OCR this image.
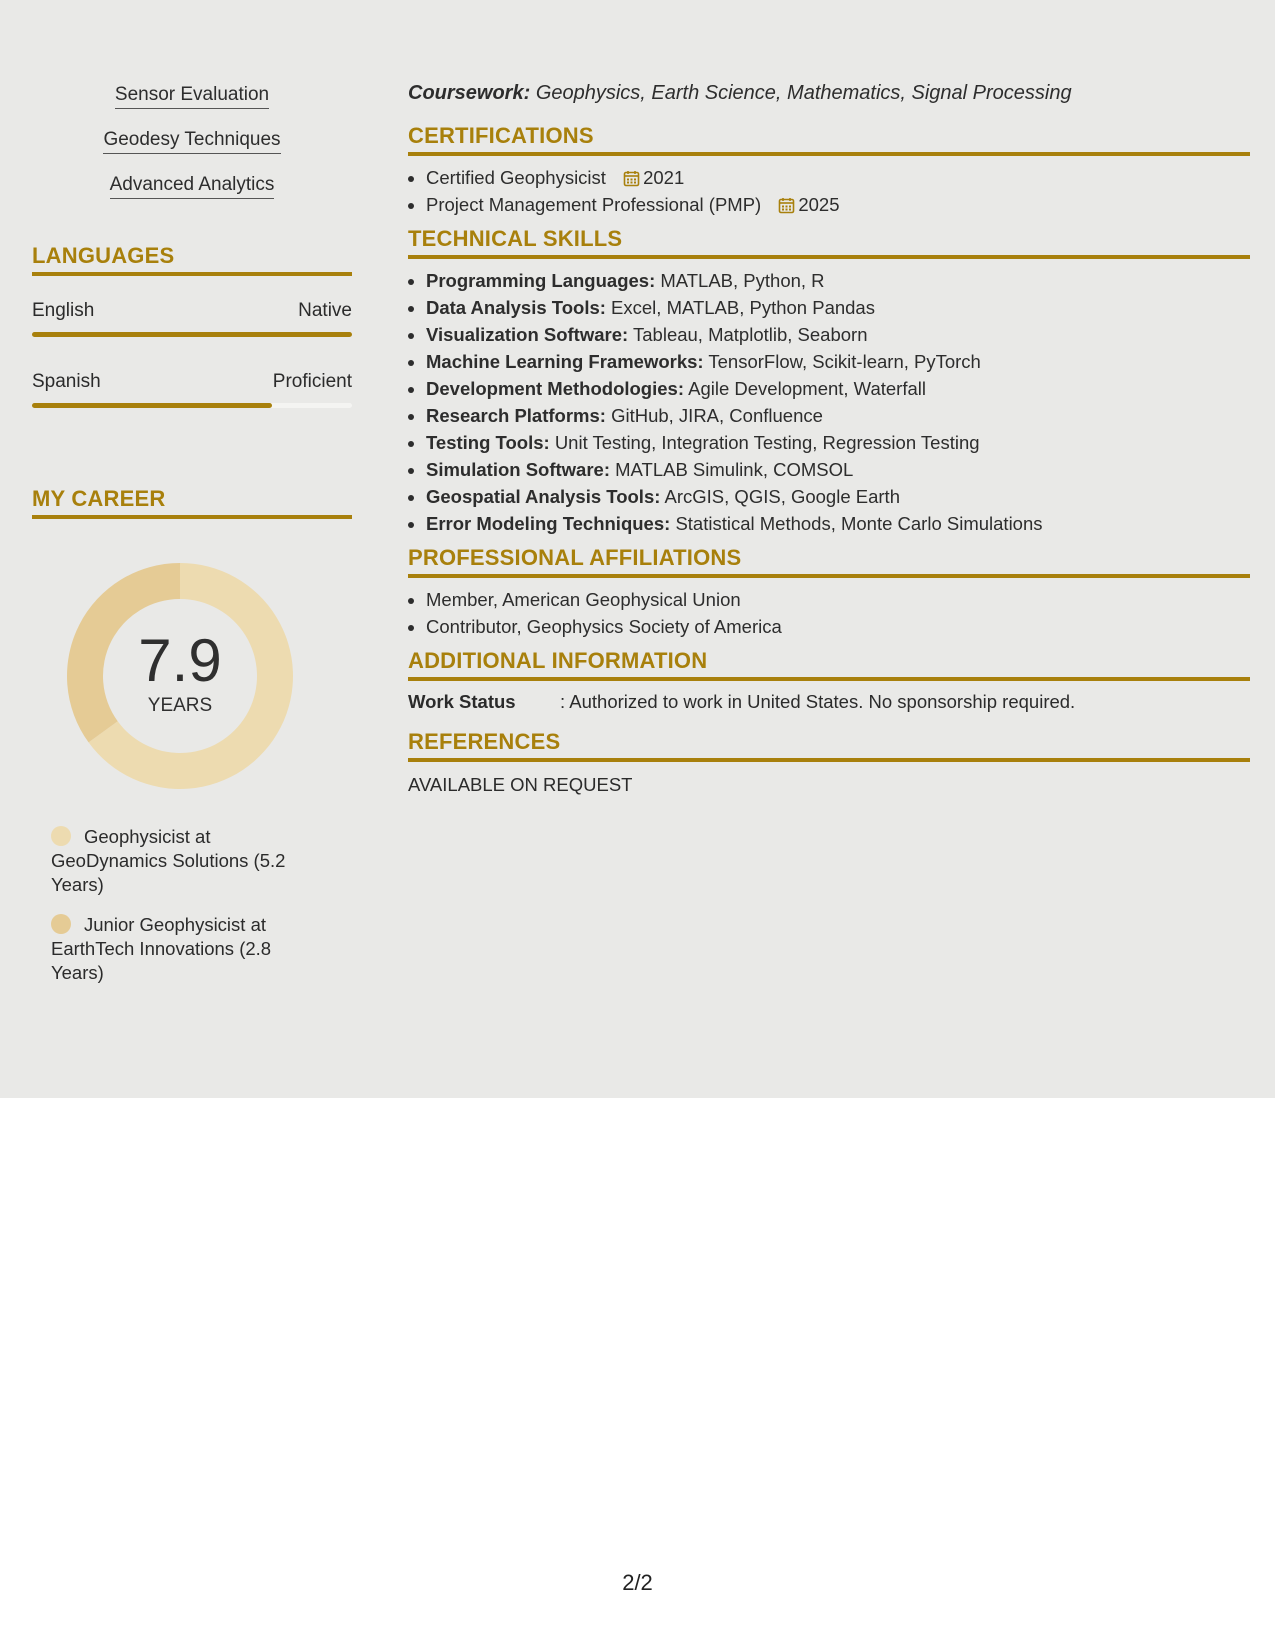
Sensor Evaluation
Geodesy Techniques
Advanced Analytics
LANGUAGES
English	Native
Spanish	Proficient
MY CAREER
7.9
YEARS
Geophysicist at GeoDynamics Solutions (5.2 Years)
Junior Geophysicist at EarthTech Innovations (2.8 Years)
Coursework: Geophysics, Earth Science, Mathematics, Signal Processing
CERTIFICATIONS
• Certified Geophysicist 2021
• Project Management Professional (PMP) 2025
TECHNICAL SKILLS
• Programming Languages: MATLAB, Python, R
• Data Analysis Tools: Excel, MATLAB, Python Pandas
• Visualization Software: Tableau, Matplotlib, Seaborn
• Machine Learning Frameworks: TensorFlow, Scikit-learn, PyTorch
• Development Methodologies: Agile Development, Waterfall
• Research Platforms: GitHub, JIRA, Confluence
• Testing Tools: Unit Testing, Integration Testing, Regression Testing
• Simulation Software: MATLAB Simulink, COMSOL
• Geospatial Analysis Tools: ArcGIS, QGIS, Google Earth
• Error Modeling Techniques: Statistical Methods, Monte Carlo Simulations
PROFESSIONAL AFFILIATIONS
• Member, American Geophysical Union
• Contributor, Geophysics Society of America
ADDITIONAL INFORMATION
Work Status	: Authorized to work in United States. No sponsorship required.
REFERENCES
AVAILABLE ON REQUEST
2/2
